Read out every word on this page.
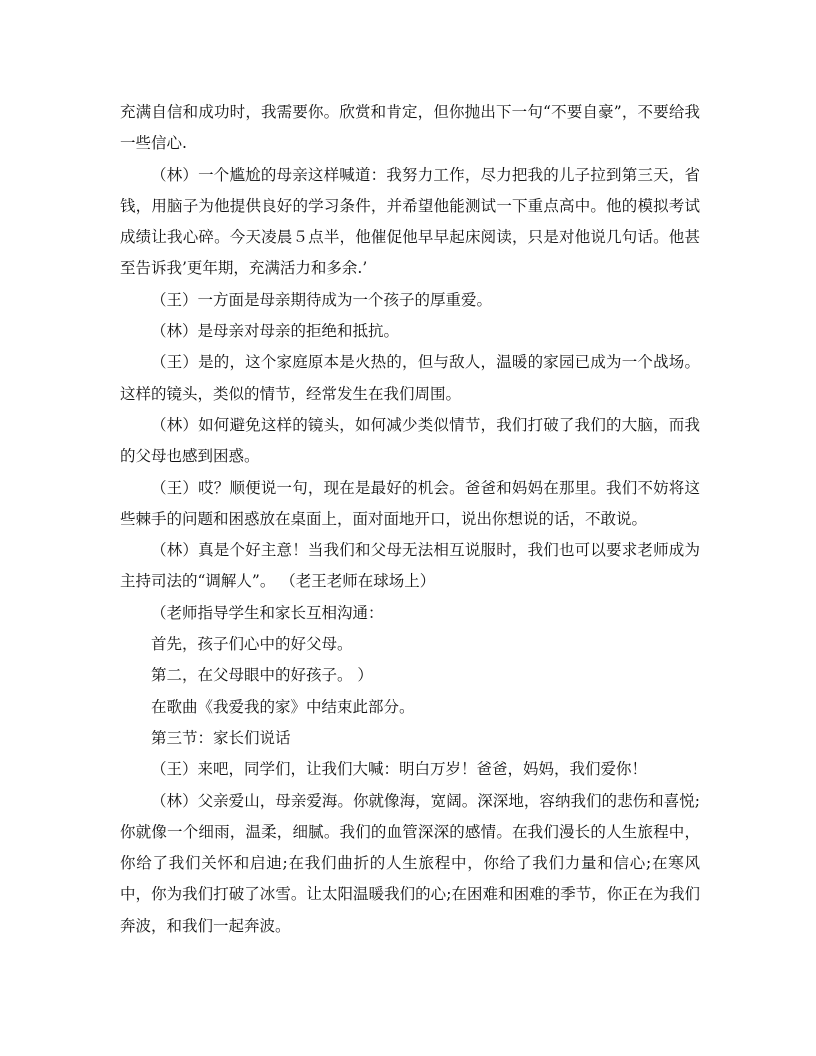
充满自信和成功时，我需要你。欣赏和肯定，但你抛出下一句“不要自豪”，不要给我一些信心.

（林）一个尴尬的母亲这样喊道：我努力工作，尽力把我的儿子拉到第三天，省钱，用脑子为他提供良好的学习条件，并希望他能测试一下重点高中。他的模拟考试成绩让我心碎。今天凌晨５点半，他催促他早早起床阅读，只是对他说几句话。他甚至告诉我’更年期，充满活力和多余.’

（王）一方面是母亲期待成为一个孩子的厚重爱。

（林）是母亲对母亲的拒绝和抵抗。

（王）是的，这个家庭原本是火热的，但与敌人，温暖的家园已成为一个战场。这样的镜头，类似的情节，经常发生在我们周围。

（林）如何避免这样的镜头，如何减少类似情节，我们打破了我们的大脑，而我的父母也感到困惑。

（王）哎？顺便说一句，现在是最好的机会。爸爸和妈妈在那里。我们不妨将这些棘手的问题和困惑放在桌面上，面对面地开口，说出你想说的话，不敢说。

（林）真是个好主意！当我们和父母无法相互说服时，我们也可以要求老师成为主持司法的“调解人”。 （老王老师在球场上）

（老师指导学生和家长互相沟通：

首先，孩子们心中的好父母。

第二，在父母眼中的好孩子。 ）

在歌曲《我爱我的家》中结束此部分。

第三节：家长们说话

（王）来吧，同学们，让我们大喊：明白万岁！爸爸，妈妈，我们爱你！

（林）父亲爱山，母亲爱海。你就像海，宽阔。深深地，容纳我们的悲伤和喜悦;你就像一个细雨，温柔，细腻。我们的血管深深的感情。在我们漫长的人生旅程中，你给了我们关怀和启迪;在我们曲折的人生旅程中，你给了我们力量和信心;在寒风中，你为我们打破了冰雪。让太阳温暖我们的心;在困难和困难的季节，你正在为我们奔波，和我们一起奔波。
